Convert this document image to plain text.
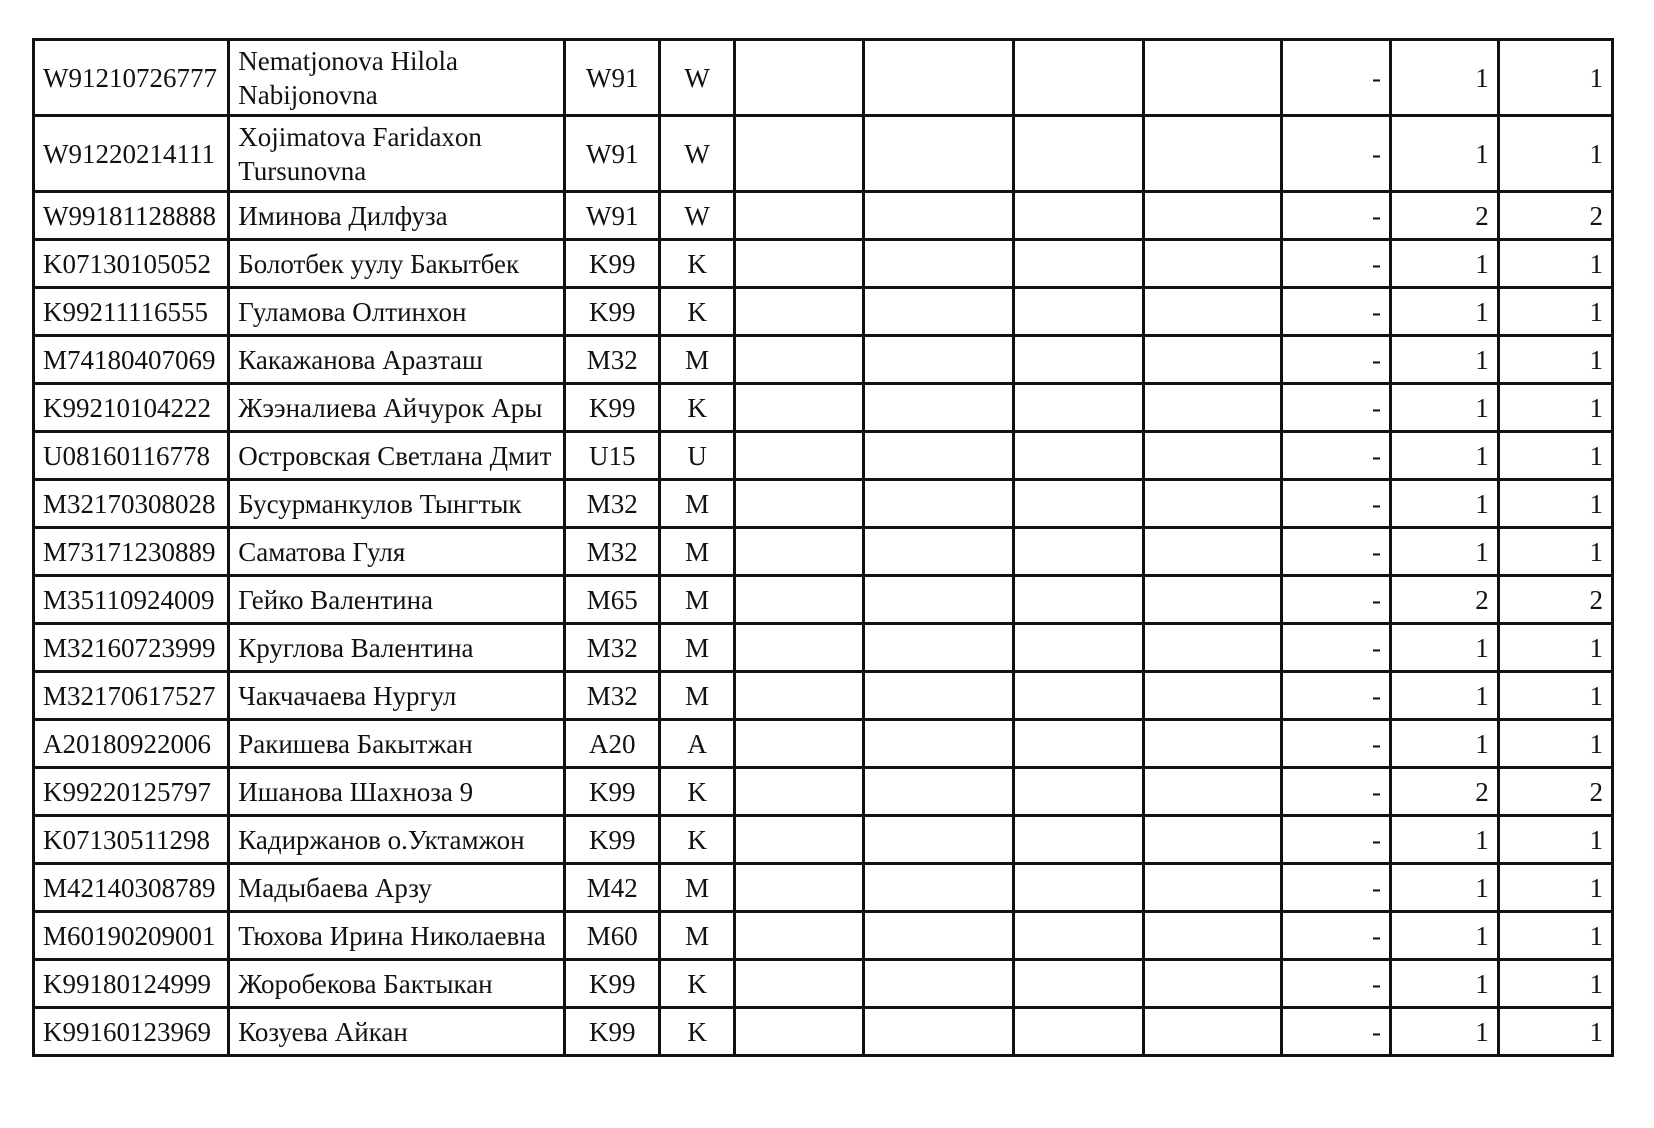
W91210726777	Nematjonova Hilola Nabijonovna	W91	W					-	1	1
W91220214111	Xojimatova Faridaxon Tursunovna	W91	W					-	1	1
W99181128888	Иминова Дилфуза	W91	W					-	2	2
K07130105052	Болотбек уулу Бакытбек	K99	K					-	1	1
K99211116555	Гуламова Олтинхон	K99	K					-	1	1
M74180407069	Какажанова Аразташ	M32	M					-	1	1
K99210104222	Жээналиева Айчурок Ары	K99	K					-	1	1
U08160116778	Островская Светлана Дмит	U15	U					-	1	1
M32170308028	Бусурманкулов Тынгтык	M32	M					-	1	1
M73171230889	Саматова Гуля	M32	M					-	1	1
M35110924009	Гейко Валентина	M65	M					-	2	2
M32160723999	Круглова Валентина	M32	M					-	1	1
M32170617527	Чакчачаева Нургул	M32	M					-	1	1
A20180922006	Ракишева Бакытжан	A20	A					-	1	1
K99220125797	Ишанова Шахноза 9	K99	K					-	2	2
K07130511298	Кадиржанов о.Уктамжон	K99	K					-	1	1
M42140308789	Мадыбаева Арзу	M42	M					-	1	1
M60190209001	Тюхова Ирина Николаевна	M60	M					-	1	1
K99180124999	Жоробекова Бактыкан	K99	K					-	1	1
K99160123969	Козуева Айкан	K99	K					-	1	1
